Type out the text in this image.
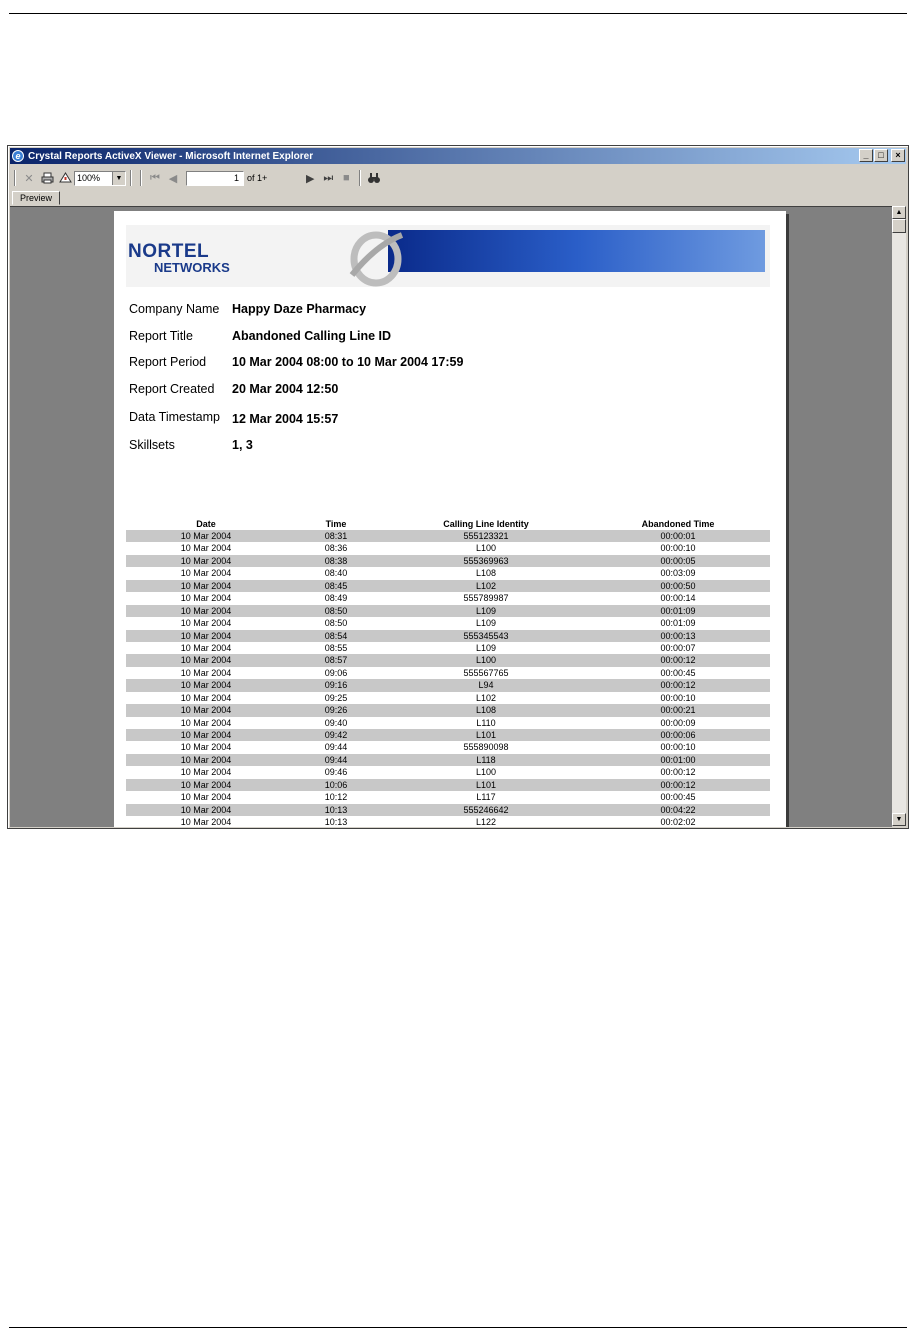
e Crystal Reports ActiveX Viewer - Microsoft Internet Explorer	_	□	×
✕	100%	▼	⏮ ◀	1 of 1+	▶ ⏭ ■
Preview
NORTEL
NETWORKS
Company Name	Happy Daze Pharmacy
Report Title	Abandoned Calling Line ID
Report Period	10 Mar 2004 08:00 to 10 Mar 2004 17:59
Report Created	20 Mar 2004 12:50
Data Timestamp 12 Mar 2004 15:57
Skillsets	1, 3
Date	Time	Calling Line Identity	Abandoned Time
10 Mar 2004	08:31	555123321	00:00:01
10 Mar 2004	08:36	L100	00:00:10
10 Mar 2004	08:38	555369963	00:00:05
10 Mar 2004	08:40	L108	00:03:09
10 Mar 2004	08:45	L102	00:00:50
10 Mar 2004	08:49	555789987	00:00:14
10 Mar 2004	08:50	L109	00:01:09
10 Mar 2004	08:50	L109	00:01:09
10 Mar 2004	08:54	555345543	00:00:13
10 Mar 2004	08:55	L109	00:00:07
10 Mar 2004	08:57	L100	00:00:12
10 Mar 2004	09:06	555567765	00:00:45
10 Mar 2004	09:16	L94	00:00:12
10 Mar 2004	09:25	L102	00:00:10
10 Mar 2004	09:26	L108	00:00:21
10 Mar 2004	09:40	L110	00:00:09
10 Mar 2004	09:42	L101	00:00:06
10 Mar 2004	09:44	555890098	00:00:10
10 Mar 2004	09:44	L118	00:01:00
10 Mar 2004	09:46	L100	00:00:12
10 Mar 2004	10:06	L101	00:00:12
10 Mar 2004	10:12	L117	00:00:45
10 Mar 2004	10:13	555246642	00:04:22
10 Mar 2004	10:13	L122	00:02:02
▲
▼
